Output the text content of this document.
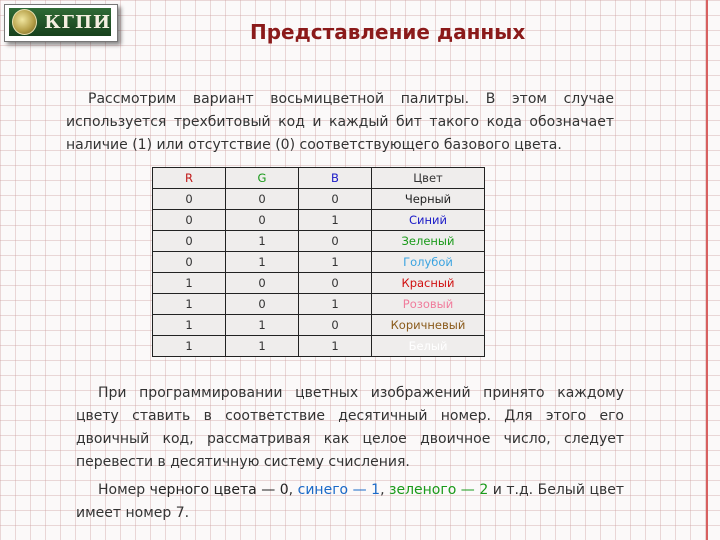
КГПИ	Представление данных

Рассмотрим вариант восьмицветной палитры. В этом случае используется трехбитовый код и каждый бит такого кода обозначает наличие (1) или отсутствие (0) соответствующего базового цвета.

R	G	B	Цвет
0	0	0	Черный
0	0	1	Синий
0	1	0	Зеленый
0	1	1	Голубой
1	0	0	Красный
1	0	1	Розовый
1	1	0	Коричневый
1	1	1	Белый

При программировании цветных изображений принято каждому цвету ставить в соответствие десятичный номер. Для этого его двоичный код, рассматривая как целое двоичное число, следует перевести в десятичную систему счисления.

Номер черного цвета — 0, синего — 1, зеленого — 2 и т.д. Белый цвет имеет номер 7.
